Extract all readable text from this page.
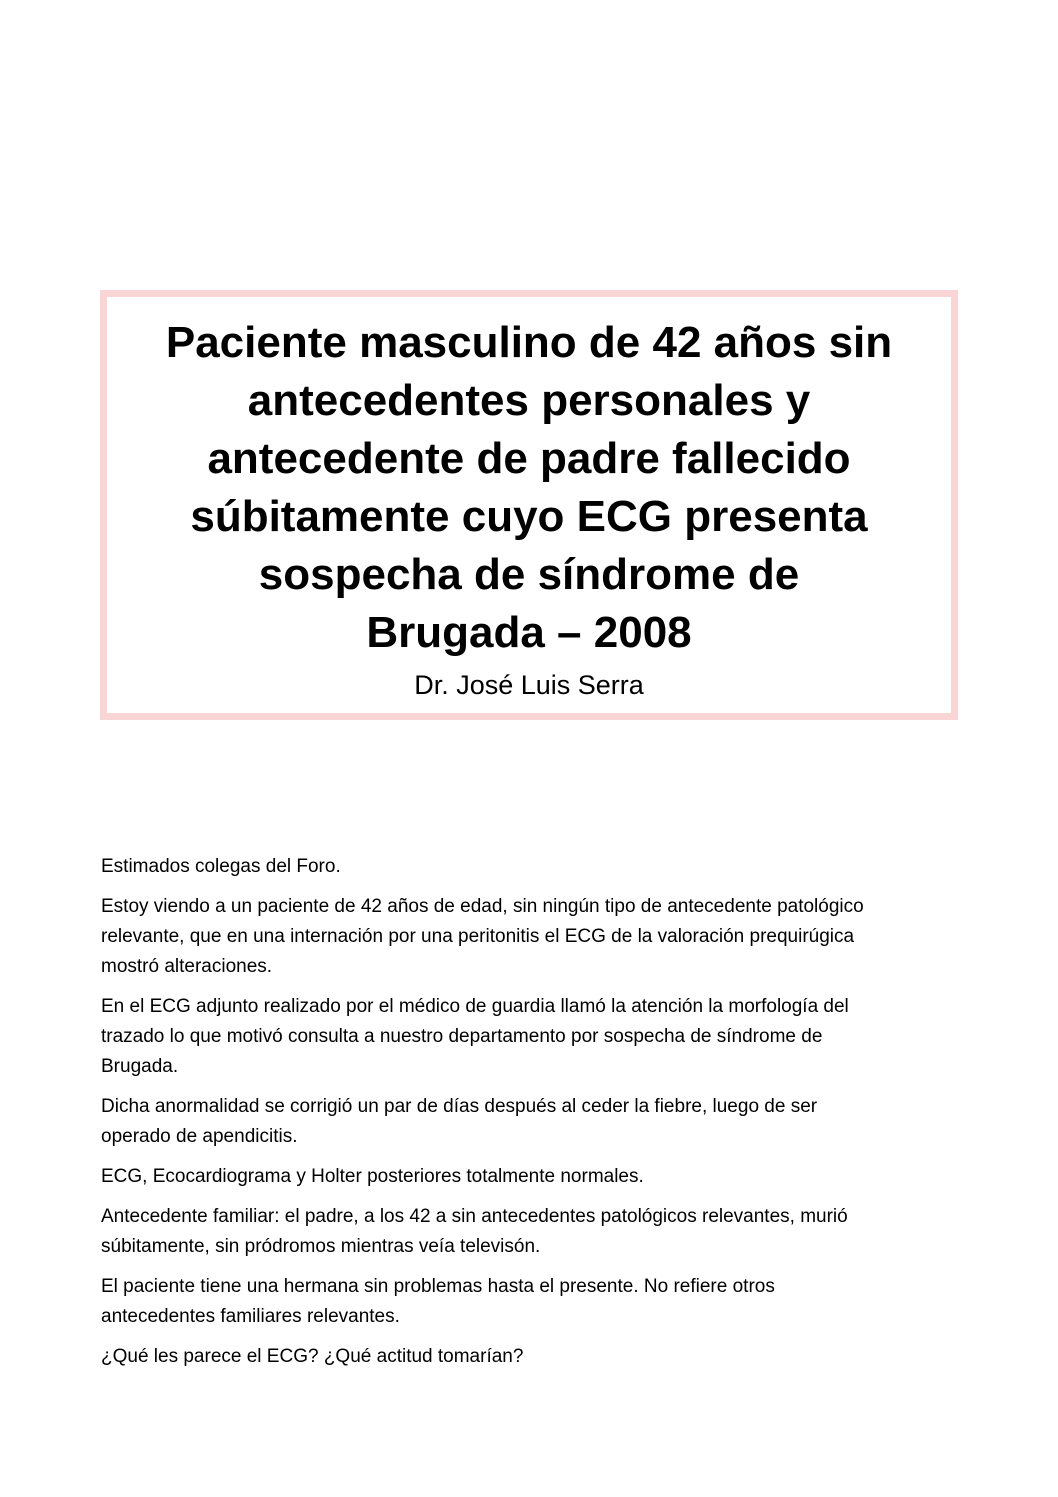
Paciente masculino de 42 años sin
antecedentes personales y
antecedente de padre fallecido
súbitamente cuyo ECG presenta
sospecha de síndrome de
Brugada – 2008

Dr. José Luis Serra

Estimados colegas del Foro.

Estoy viendo a un paciente de 42 años de edad, sin ningún tipo de antecedente patológico
relevante, que en una internación por una peritonitis el ECG de la valoración prequirúgica
mostró alteraciones.

En el ECG adjunto realizado por el médico de guardia llamó la atención la morfología del
trazado lo que motivó consulta a nuestro departamento por sospecha de síndrome de
Brugada.

Dicha anormalidad se corrigió un par de días después al ceder la fiebre, luego de ser
operado de apendicitis.

ECG, Ecocardiograma y Holter posteriores totalmente normales.

Antecedente familiar: el padre, a los 42 a sin antecedentes patológicos relevantes, murió
súbitamente, sin pródromos mientras veía televisón.

El paciente tiene una hermana sin problemas hasta el presente. No refiere otros
antecedentes familiares relevantes.

¿Qué les parece el ECG? ¿Qué actitud tomarían?
